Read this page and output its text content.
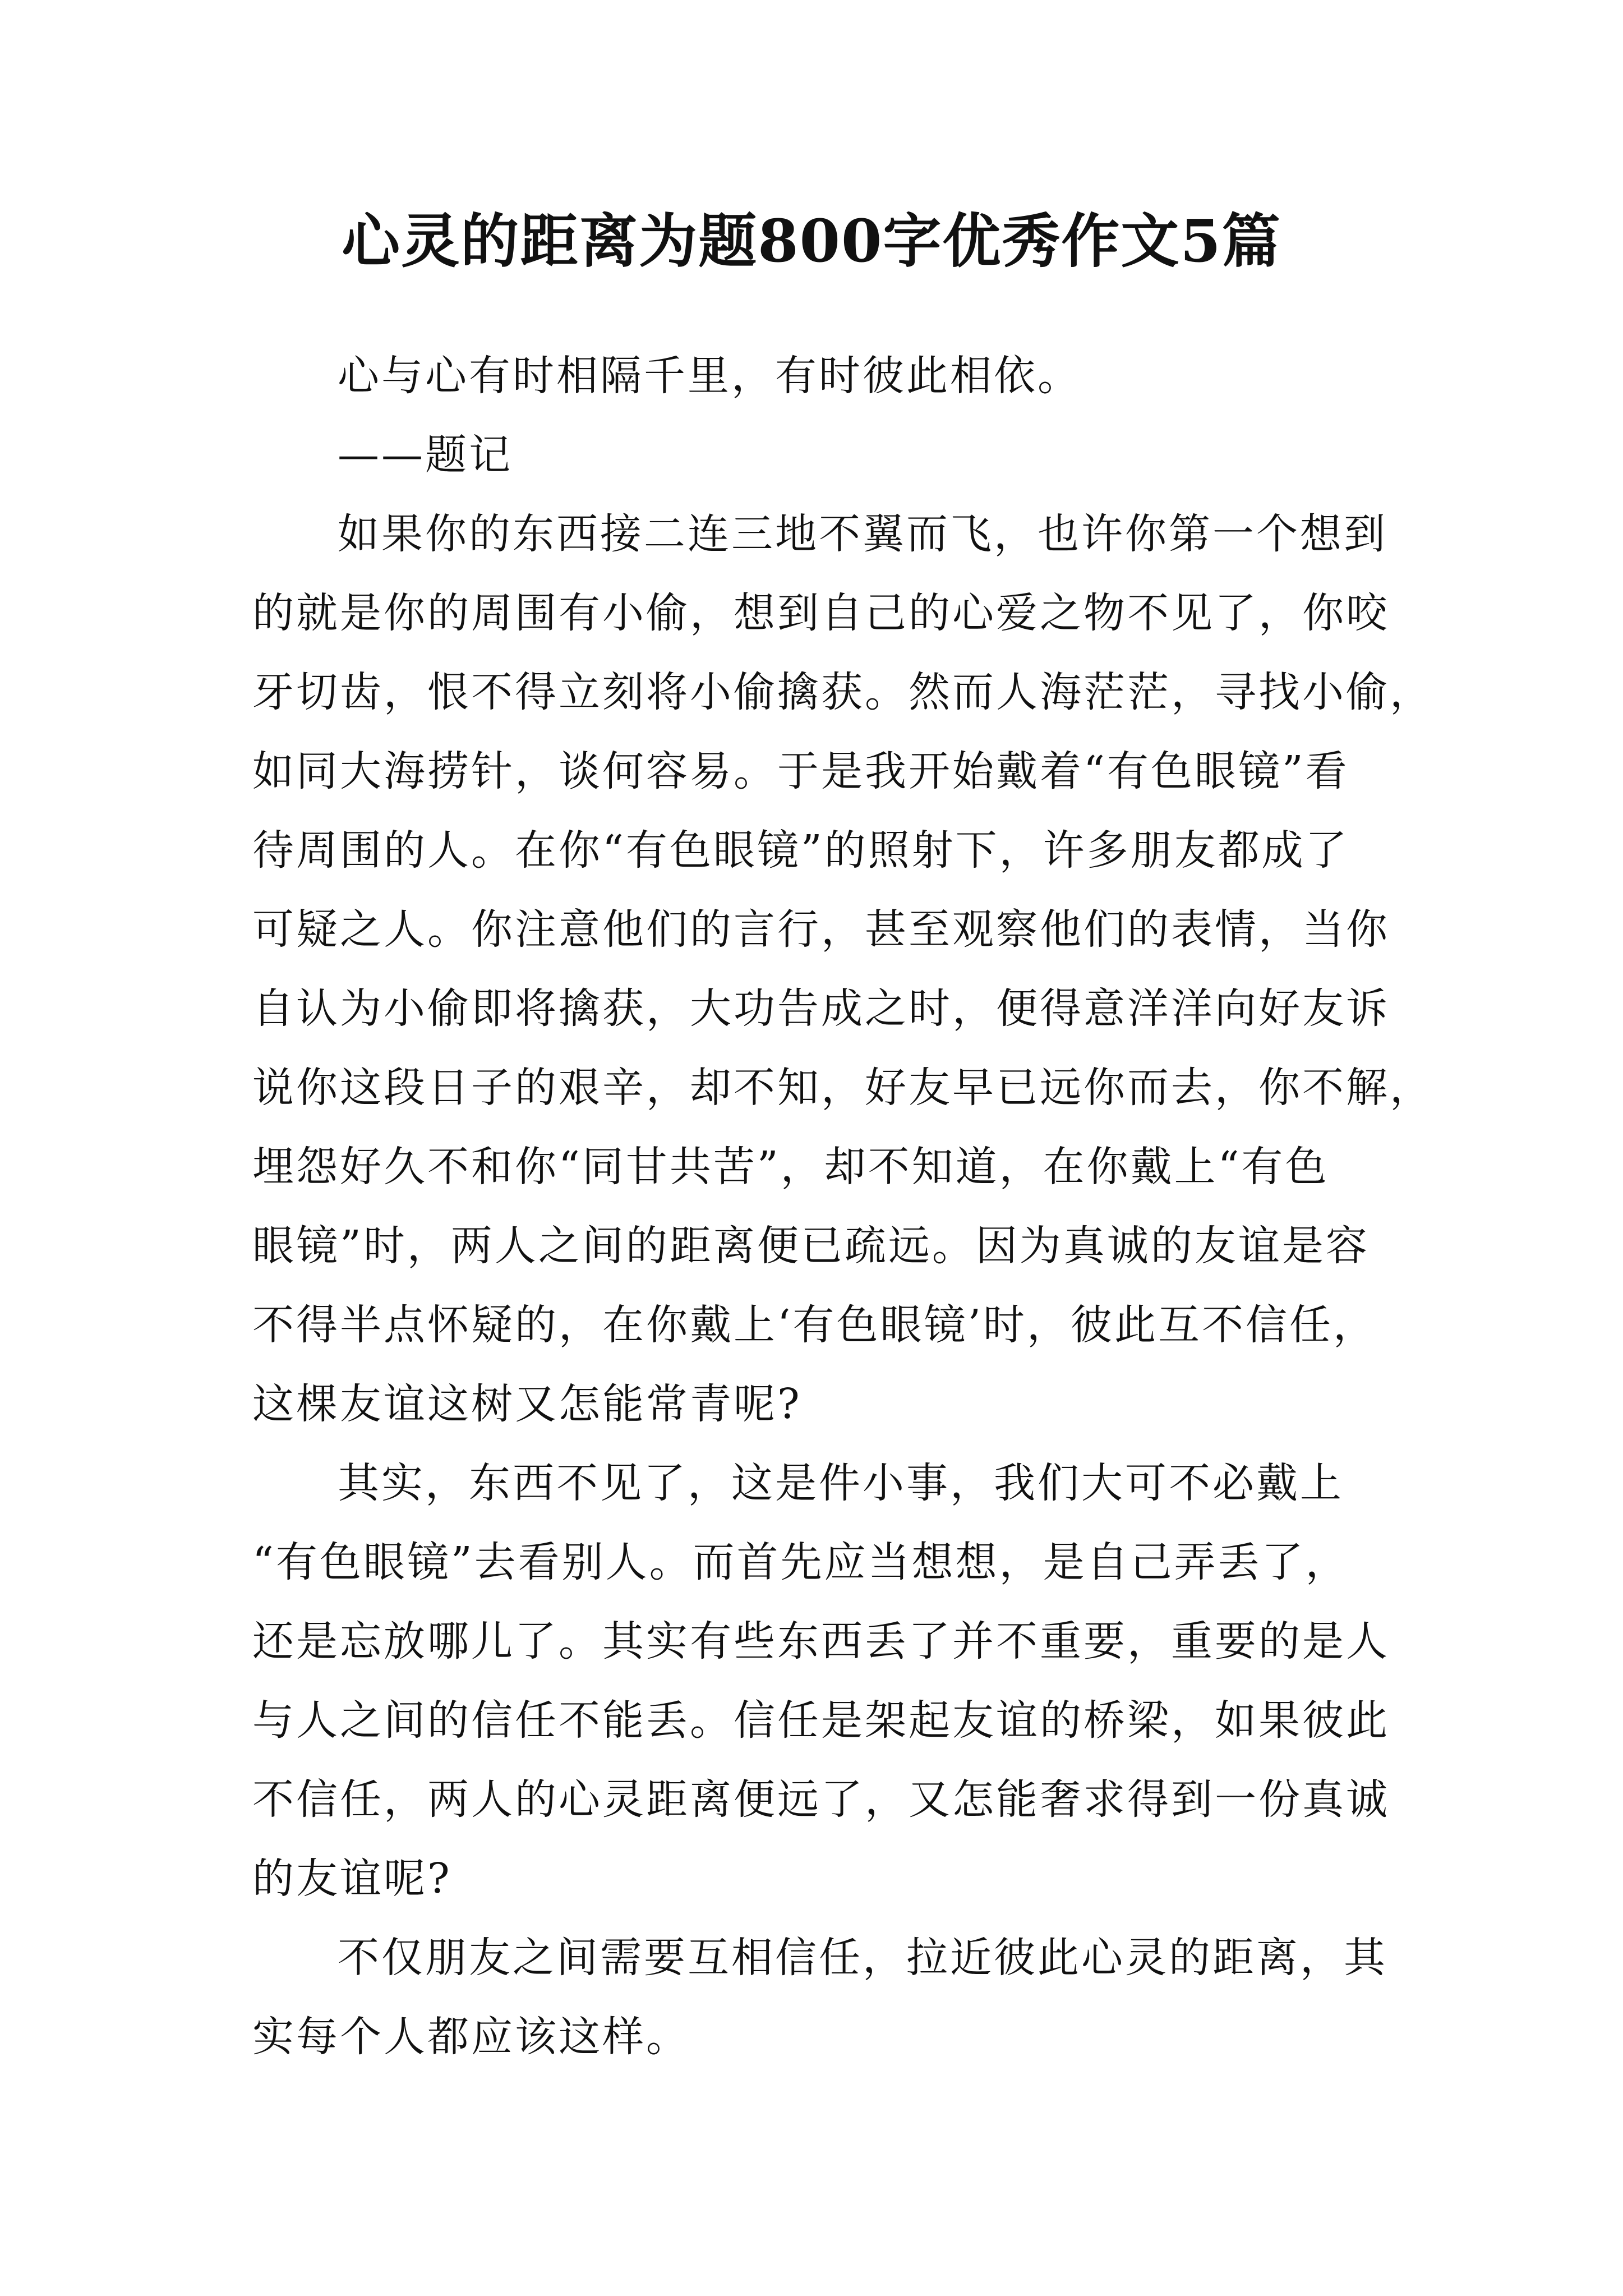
心灵的距离为题800字优秀作文5篇
心与心有时相隔千里，有时彼此相依。
——题记
如果你的东西接二连三地不翼而飞，也许你第一个想到
的就是你的周围有小偷，想到自己的心爱之物不见了，你咬
牙切齿，恨不得立刻将小偷擒获。然而人海茫茫，寻找小偷，
如同大海捞针，谈何容易。于是我开始戴着“有色眼镜”看
待周围的人。在你“有色眼镜”的照射下，许多朋友都成了
可疑之人。你注意他们的言行，甚至观察他们的表情，当你
自认为小偷即将擒获，大功告成之时，便得意洋洋向好友诉
说你这段日子的艰辛，却不知，好友早已远你而去，你不解，
埋怨好久不和你“同甘共苦”，却不知道，在你戴上“有色
眼镜”时，两人之间的距离便已疏远。因为真诚的友谊是容
不得半点怀疑的，在你戴上‘有色眼镜’时，彼此互不信任，
这棵友谊这树又怎能常青呢?
其实，东西不见了，这是件小事，我们大可不必戴上
“有色眼镜”去看别人。而首先应当想想，是自己弄丢了，
还是忘放哪儿了。其实有些东西丢了并不重要，重要的是人
与人之间的信任不能丢。信任是架起友谊的桥梁，如果彼此
不信任，两人的心灵距离便远了，又怎能奢求得到一份真诚
的友谊呢?
不仅朋友之间需要互相信任，拉近彼此心灵的距离，其
实每个人都应该这样。
